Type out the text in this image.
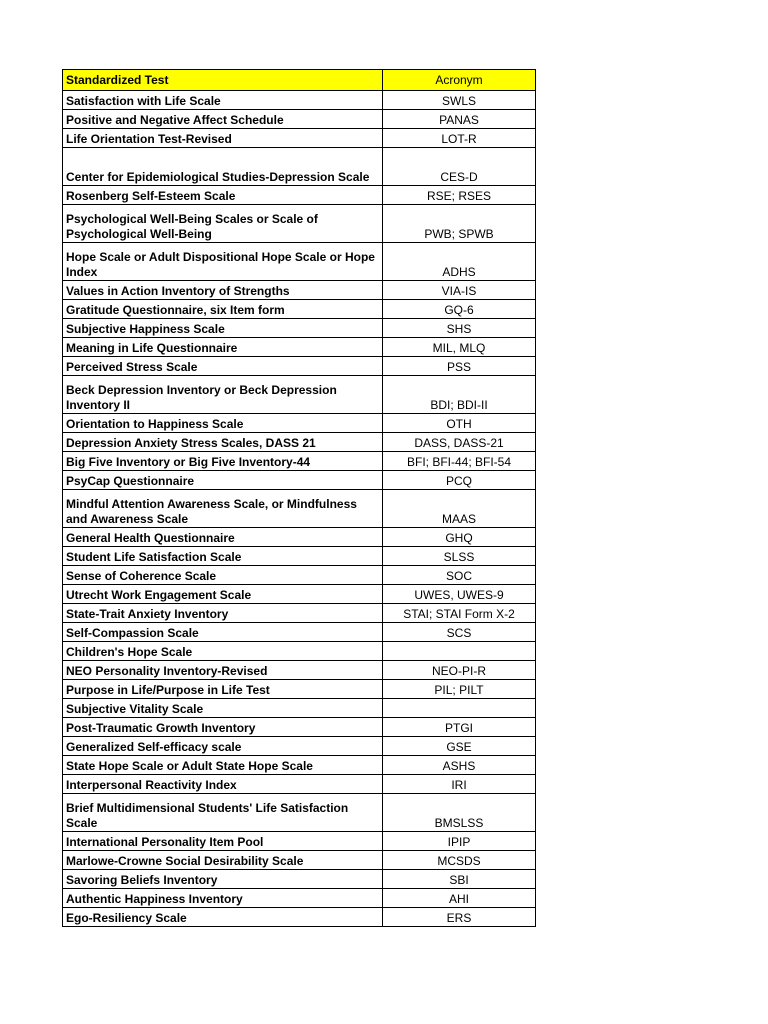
Standardized Test	Acronym
Satisfaction with Life Scale	SWLS
Positive and Negative Affect Schedule	PANAS
Life Orientation Test-Revised	LOT-R
Center for Epidemiological Studies-Depression Scale	CES-D
Rosenberg Self-Esteem Scale	RSE; RSES
Psychological Well-Being Scales or Scale of Psychological Well-Being	PWB; SPWB
Hope Scale or Adult Dispositional Hope Scale or Hope Index	ADHS
Values in Action Inventory of Strengths	VIA-IS
Gratitude Questionnaire, six Item form	GQ-6
Subjective Happiness Scale	SHS
Meaning in Life Questionnaire	MIL, MLQ
Perceived Stress Scale	PSS
Beck Depression Inventory or Beck Depression Inventory II	BDI; BDI-II
Orientation to Happiness Scale	OTH
Depression Anxiety Stress Scales, DASS 21	DASS, DASS-21
Big Five Inventory or Big Five Inventory-44	BFI; BFI-44; BFI-54
PsyCap Questionnaire	PCQ
Mindful Attention Awareness Scale, or Mindfulness and Awareness Scale	MAAS
General Health Questionnaire	GHQ
Student Life Satisfaction Scale	SLSS
Sense of Coherence Scale	SOC
Utrecht Work Engagement Scale	UWES, UWES-9
State-Trait Anxiety Inventory	STAI; STAI Form X-2
Self-Compassion Scale	SCS
Children's Hope Scale	
NEO Personality Inventory-Revised	NEO-PI-R
Purpose in Life/Purpose in Life Test	PIL; PILT
Subjective Vitality Scale	
Post-Traumatic Growth Inventory	PTGI
Generalized Self-efficacy scale	GSE
State Hope Scale or Adult State Hope Scale	ASHS
Interpersonal Reactivity Index	IRI
Brief Multidimensional Students' Life Satisfaction Scale	BMSLSS
International Personality Item Pool	IPIP
Marlowe-Crowne Social Desirability Scale	MCSDS
Savoring Beliefs Inventory	SBI
Authentic Happiness Inventory	AHI
Ego-Resiliency Scale	ERS
